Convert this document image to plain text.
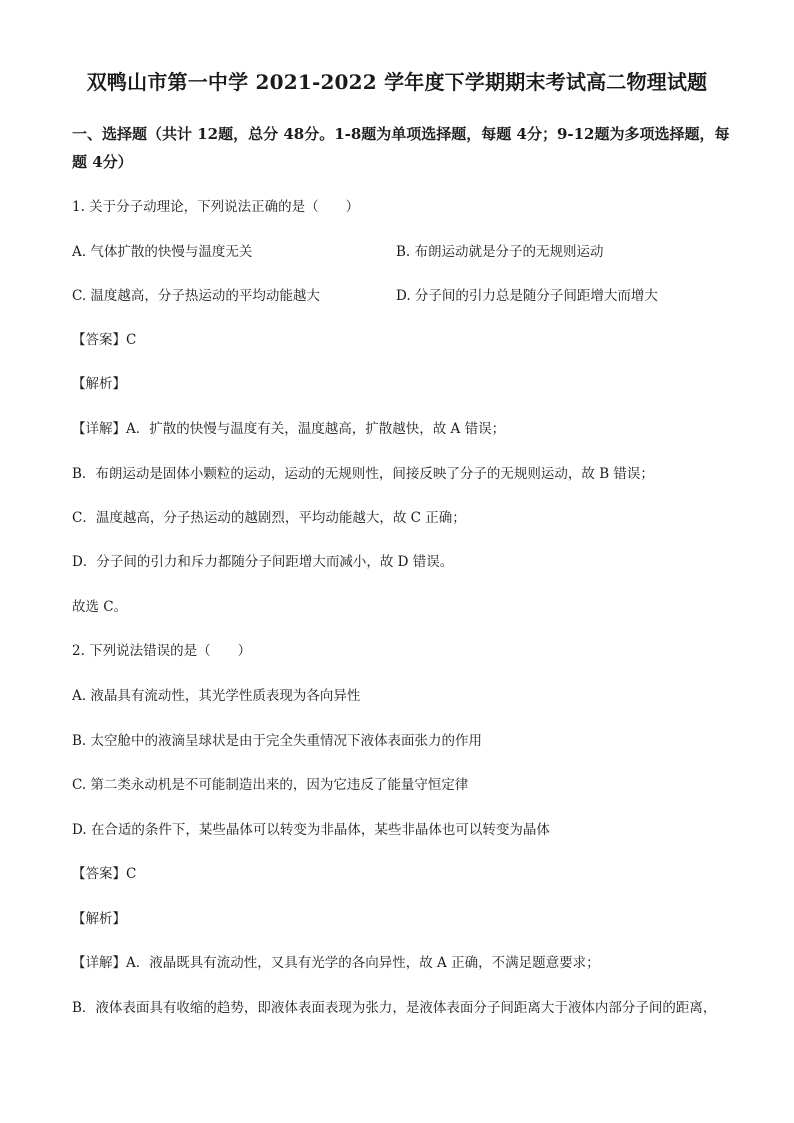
双鸭山市第一中学 2021-2022 学年度下学期期末考试高二物理试题
一、选择题（共计 12题，总分 48分。1-8题为单项选择题，每题 4分；9-12题为多项选择题，每题 4分）
1. 关于分子动理论，下列说法正确的是（　　）
A. 气体扩散的快慢与温度无关	B. 布朗运动就是分子的无规则运动
C. 温度越高，分子热运动的平均动能越大	D. 分子间的引力总是随分子间距增大而增大
【答案】C
【解析】
【详解】A．扩散的快慢与温度有关，温度越高，扩散越快，故 A 错误；
B．布朗运动是固体小颗粒的运动，运动的无规则性，间接反映了分子的无规则运动，故 B 错误；
C．温度越高，分子热运动的越剧烈，平均动能越大，故 C 正确；
D．分子间的引力和斥力都随分子间距增大而减小，故 D 错误。
故选 C。
2. 下列说法错误的是（　　）
A. 液晶具有流动性，其光学性质表现为各向异性
B. 太空舱中的液滴呈球状是由于完全失重情况下液体表面张力的作用
C. 第二类永动机是不可能制造出来的，因为它违反了能量守恒定律
D. 在合适的条件下，某些晶体可以转变为非晶体，某些非晶体也可以转变为晶体
【答案】C
【解析】
【详解】A．液晶既具有流动性，又具有光学的各向异性，故 A 正确，不满足题意要求；
B．液体表面具有收缩的趋势，即液体表面表现为张力，是液体表面分子间距离大于液体内部分子间的距离，
